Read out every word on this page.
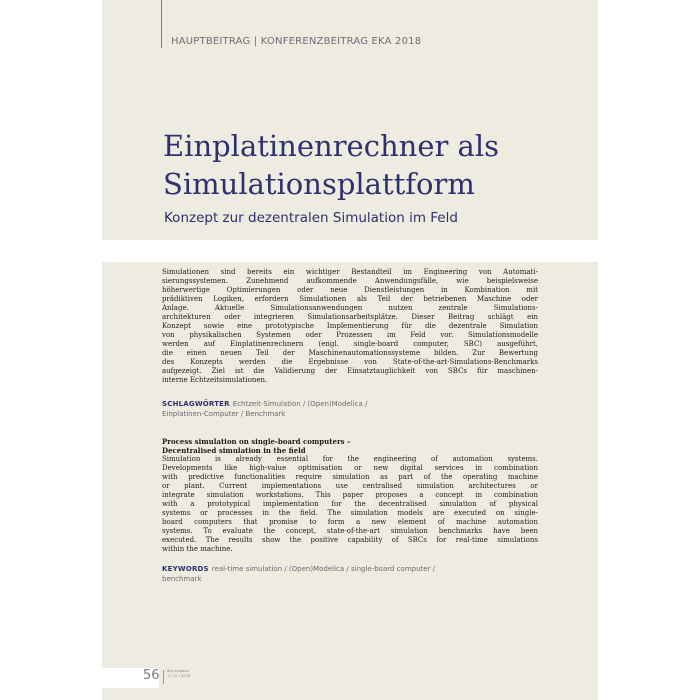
HAUPTBEITRAG | KONFERENZBEITRAG EKA 2018
Einplatinenrechner als
Simulationsplattform
Konzept zur dezentralen Simulation im Feld
Simulationen sind bereits ein wichtiger Bestandteil im Engineering von Automati-
sierungssystemen. Zunehmend aufkommende Anwendungsfälle, wie beispielsweise
höherwertige Optimierungen oder neue Dienstleistungen in Kombination mit
prädiktiven Logiken, erfordern Simulationen als Teil der betriebenen Maschine oder
Anlage. Aktuelle Simulationsanwendungen nutzen zentrale Simulations-
architekturen oder integrieren Simulationsarbeitsplätze. Dieser Beitrag schlägt ein
Konzept sowie eine prototypische Implementierung für die dezentrale Simulation
von physikalischen Systemen oder Prozessen im Feld vor. Simulationsmodelle
werden auf Einplatinenrechnern (engl. single-board computer, SBC) ausgeführt,
die einen neuen Teil der Maschinenautomationssysteme bilden. Zur Bewertung
des Konzepts werden die Ergebnisse von State-of-the-art-Simulations-Benchmarks
aufgezeigt. Ziel ist die Validierung der Einsatztauglichkeit von SBCs für maschinen-
interne Echtzeitsimulationen.
SCHLAGWÖRTER Echtzeit-Simulation / (Open)Modelica /
Einplatinen-Computer / Benchmark
Process simulation on single-board computers –
Decentralised simulation in the field
Simulation is already essential for the engineering of automation systems.
Developments like high-value optimisation or new digital services in combination
with predictive functionalities require simulation as part of the operating machine
or plant. Current implementations use centralised simulation architectures or
integrate simulation workstations. This paper proposes a concept in combination
with a prototypical implementation for the decentralised simulation of physical
systems or processes in the field. The simulation models are executed on single-
board computers that promise to form a new element of machine automation
systems. To evaluate the concept, state-of-the-art simulation benchmarks have been
executed. The results show the positive capability of SBCs for real-time simulations
within the machine.
KEYWORDS real-time simulation / (Open)Modelica / single-board computer /
benchmark
56 atp magazin
11-12 / 2018
